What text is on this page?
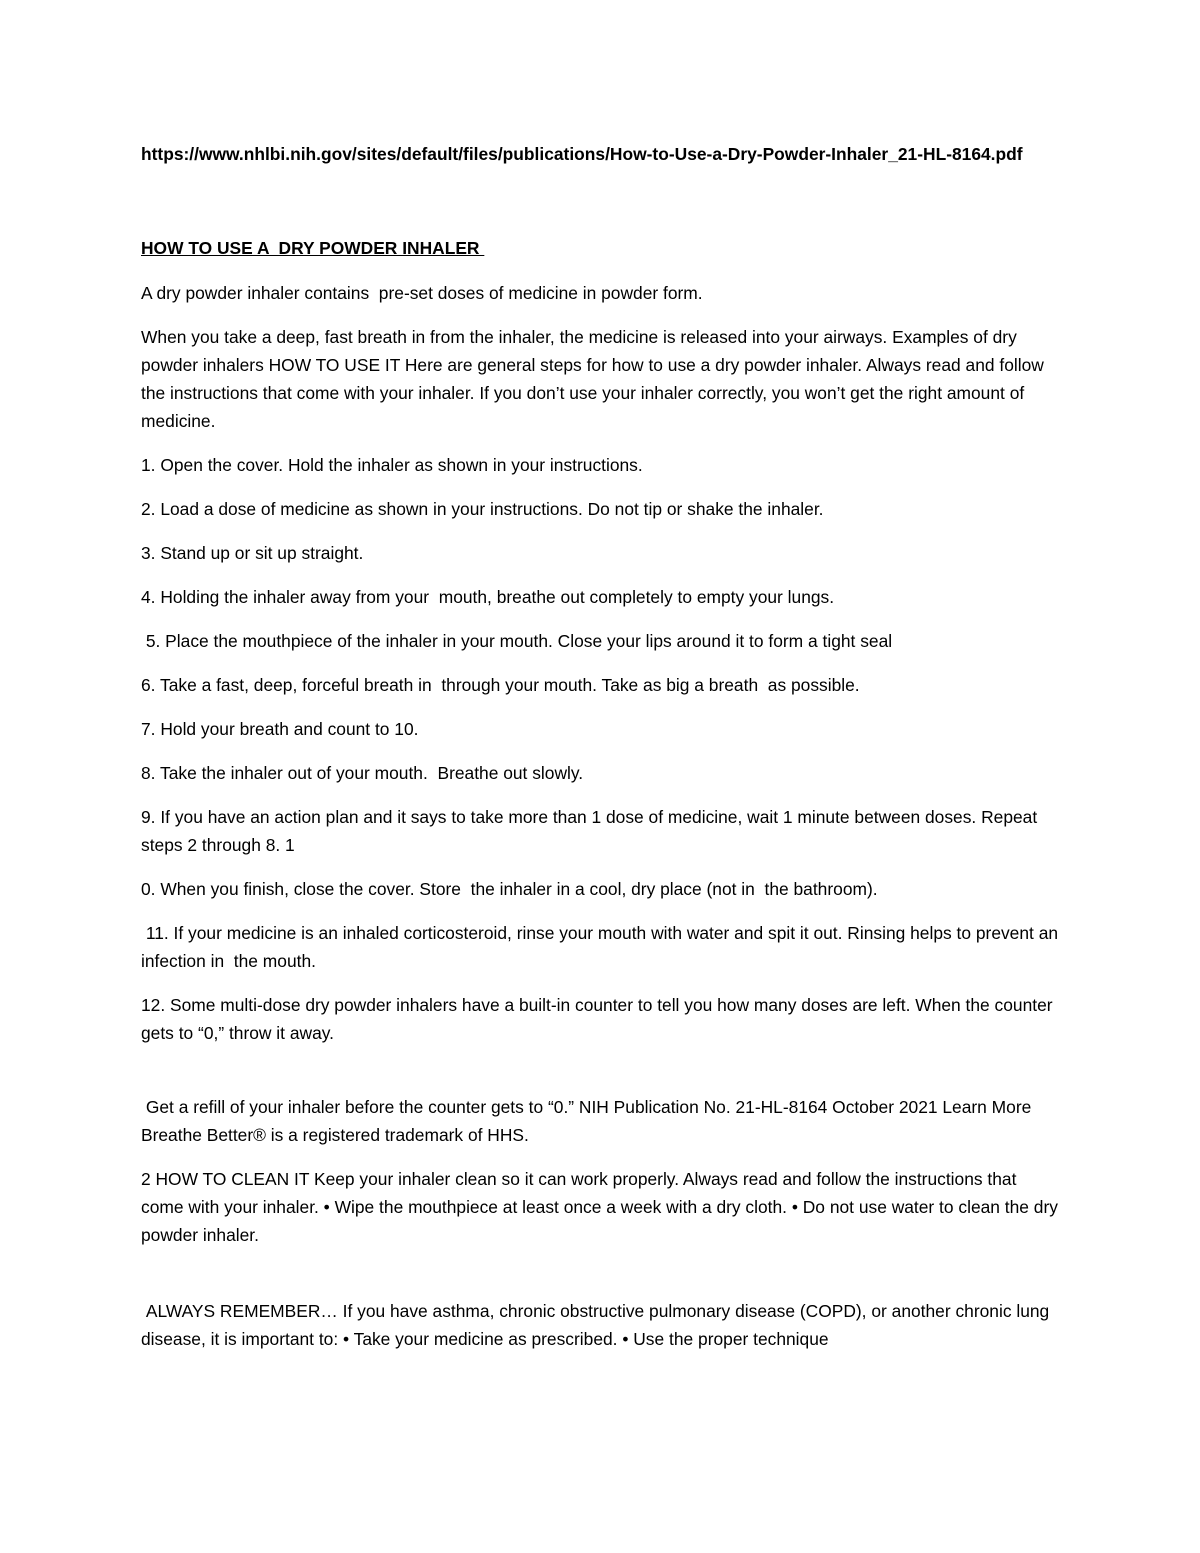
https://www.nhlbi.nih.gov/sites/default/files/publications/How-to-Use-a-Dry-Powder-Inhaler_21-HL-8164.pdf

HOW TO USE A  DRY POWDER INHALER

A dry powder inhaler contains  pre-set doses of medicine in powder form.

When you take a deep, fast breath in from the inhaler, the medicine is released into your airways. Examples of dry powder inhalers HOW TO USE IT Here are general steps for how to use a dry powder inhaler. Always read and follow the instructions that come with your inhaler. If you don’t use your inhaler correctly, you won’t get the right amount of medicine.

1. Open the cover. Hold the inhaler as shown in your instructions.

2. Load a dose of medicine as shown in your instructions. Do not tip or shake the inhaler.

3. Stand up or sit up straight.

4. Holding the inhaler away from your  mouth, breathe out completely to empty your lungs.

5. Place the mouthpiece of the inhaler in your mouth. Close your lips around it to form a tight seal

6. Take a fast, deep, forceful breath in  through your mouth. Take as big a breath  as possible.

7. Hold your breath and count to 10.

8. Take the inhaler out of your mouth.  Breathe out slowly.

9. If you have an action plan and it says to take more than 1 dose of medicine, wait 1 minute between doses. Repeat steps 2 through 8. 1

0. When you finish, close the cover. Store  the inhaler in a cool, dry place (not in  the bathroom).

11. If your medicine is an inhaled corticosteroid, rinse your mouth with water and spit it out. Rinsing helps to prevent an infection in  the mouth.

12. Some multi-dose dry powder inhalers have a built-in counter to tell you how many doses are left. When the counter gets to “0,” throw it away.

Get a refill of your inhaler before the counter gets to “0.” NIH Publication No. 21-HL-8164 October 2021 Learn More Breathe Better® is a registered trademark of HHS.

2 HOW TO CLEAN IT Keep your inhaler clean so it can work properly. Always read and follow the instructions that come with your inhaler. • Wipe the mouthpiece at least once a week with a dry cloth. • Do not use water to clean the dry  powder inhaler.

ALWAYS REMEMBER… If you have asthma, chronic obstructive pulmonary disease (COPD), or another chronic lung disease, it is important to: • Take your medicine as prescribed. • Use the proper technique
